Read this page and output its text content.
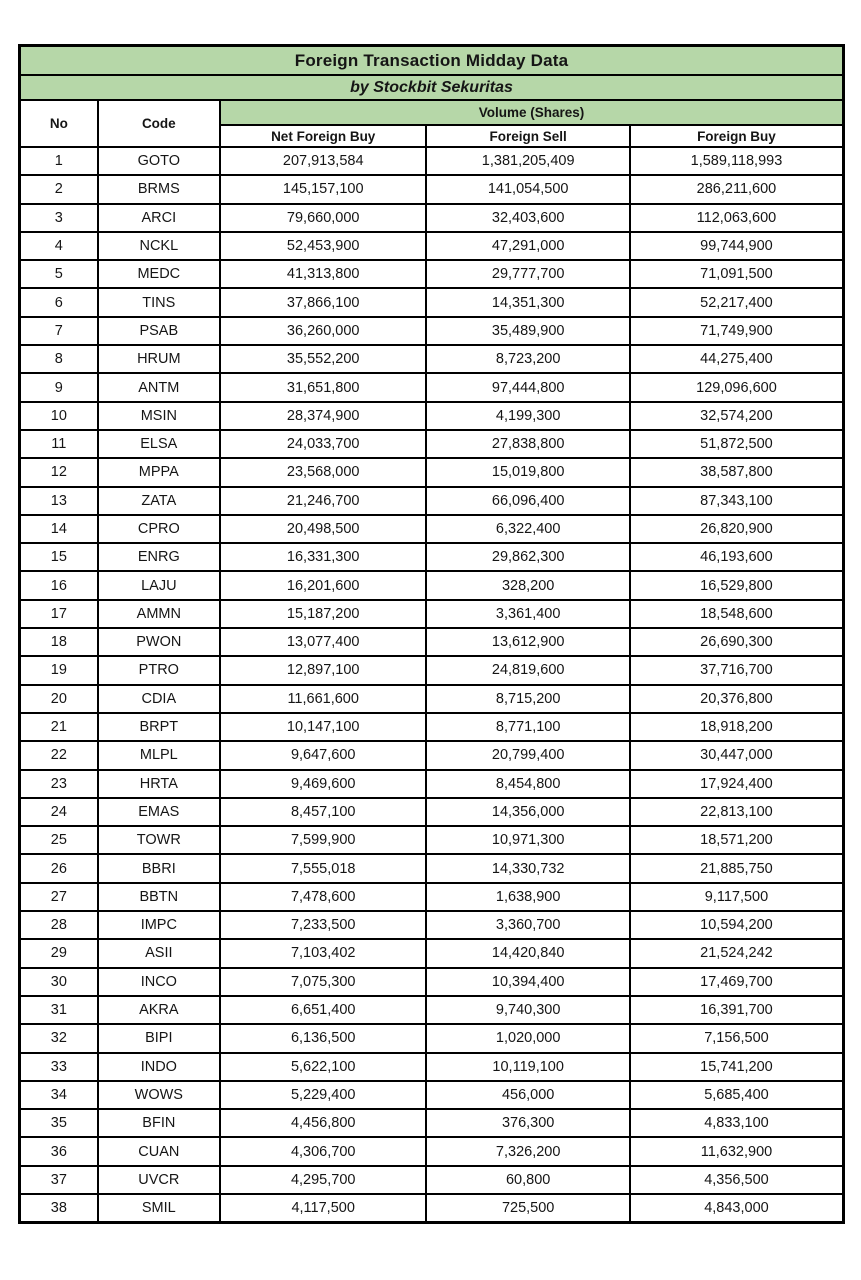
Foreign Transaction Midday Data				
by Stockbit Sekuritas				
No	Code	Volume (Shares)		
		Net Foreign Buy	Foreign Sell	Foreign Buy
1	GOTO	207,913,584	1,381,205,409	1,589,118,993
2	BRMS	145,157,100	141,054,500	286,211,600
3	ARCI	79,660,000	32,403,600	112,063,600
4	NCKL	52,453,900	47,291,000	99,744,900
5	MEDC	41,313,800	29,777,700	71,091,500
6	TINS	37,866,100	14,351,300	52,217,400
7	PSAB	36,260,000	35,489,900	71,749,900
8	HRUM	35,552,200	8,723,200	44,275,400
9	ANTM	31,651,800	97,444,800	129,096,600
10	MSIN	28,374,900	4,199,300	32,574,200
11	ELSA	24,033,700	27,838,800	51,872,500
12	MPPA	23,568,000	15,019,800	38,587,800
13	ZATA	21,246,700	66,096,400	87,343,100
14	CPRO	20,498,500	6,322,400	26,820,900
15	ENRG	16,331,300	29,862,300	46,193,600
16	LAJU	16,201,600	328,200	16,529,800
17	AMMN	15,187,200	3,361,400	18,548,600
18	PWON	13,077,400	13,612,900	26,690,300
19	PTRO	12,897,100	24,819,600	37,716,700
20	CDIA	11,661,600	8,715,200	20,376,800
21	BRPT	10,147,100	8,771,100	18,918,200
22	MLPL	9,647,600	20,799,400	30,447,000
23	HRTA	9,469,600	8,454,800	17,924,400
24	EMAS	8,457,100	14,356,000	22,813,100
25	TOWR	7,599,900	10,971,300	18,571,200
26	BBRI	7,555,018	14,330,732	21,885,750
27	BBTN	7,478,600	1,638,900	9,117,500
28	IMPC	7,233,500	3,360,700	10,594,200
29	ASII	7,103,402	14,420,840	21,524,242
30	INCO	7,075,300	10,394,400	17,469,700
31	AKRA	6,651,400	9,740,300	16,391,700
32	BIPI	6,136,500	1,020,000	7,156,500
33	INDO	5,622,100	10,119,100	15,741,200
34	WOWS	5,229,400	456,000	5,685,400
35	BFIN	4,456,800	376,300	4,833,100
36	CUAN	4,306,700	7,326,200	11,632,900
37	UVCR	4,295,700	60,800	4,356,500
38	SMIL	4,117,500	725,500	4,843,000
